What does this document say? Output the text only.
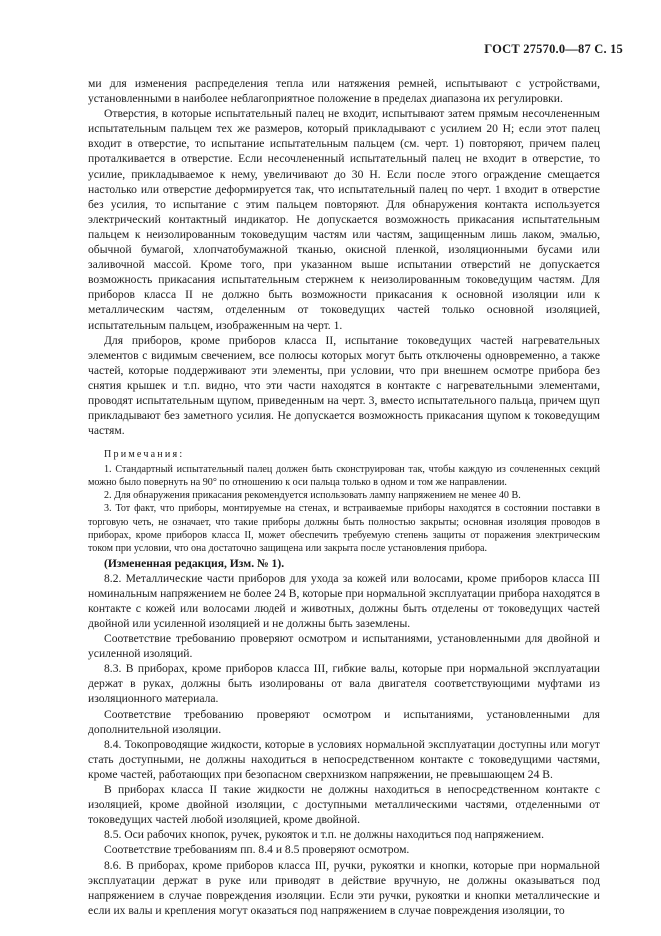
ГОСТ 27570.0—87 С. 15

ми для изменения распределения тепла или натяжения ремней, испытывают с устройствами, установленными в наиболее неблагоприятное положение в пределах диапазона их регулировки.

Отверстия, в которые испытательный палец не входит, испытывают затем прямым несочлененным испытательным пальцем тех же размеров, который прикладывают с усилием 20 Н; если этот палец входит в отверстие, то испытание испытательным пальцем (см. черт. 1) повторяют, причем палец проталкивается в отверстие. Если несочлененный испытательный палец не входит в отверстие, то усилие, прикладываемое к нему, увеличивают до 30 Н. Если после этого ограждение смещается настолько или отверстие деформируется так, что испытательный палец по черт. 1 входит в отверстие без усилия, то испытание с этим пальцем повторяют. Для обнаружения контакта используется электрический контактный индикатор. Не допускается возможность прикасания испытательным пальцем к неизолированным токоведущим частям или частям, защищенным лишь лаком, эмалью, обычной бумагой, хлопчатобумажной тканью, окисной пленкой, изоляционными бусами или заливочной массой. Кроме того, при указанном выше испытании отверстий не допускается возможность прикасания испытательным стержнем к неизолированным токоведущим частям. Для приборов класса II не должно быть возможности прикасания к основной изоляции или к металлическим частям, отделенным от токоведущих частей только основной изоляцией, испытательным пальцем, изображенным на черт. 1.

Для приборов, кроме приборов класса II, испытание токоведущих частей нагревательных элементов с видимым свечением, все полюсы которых могут быть отключены одновременно, а также частей, которые поддерживают эти элементы, при условии, что при внешнем осмотре прибора без снятия крышек и т.п. видно, что эти части находятся в контакте с нагревательными элементами, проводят испытательным щупом, приведенным на черт. 3, вместо испытательного пальца, причем щуп прикладывают без заметного усилия. Не допускается возможность прикасания щупом к токоведущим частям.

Примечания:

1. Стандартный испытательный палец должен быть сконструирован так, чтобы каждую из сочлененных секций можно было повернуть на 90° по отношению к оси пальца только в одном и том же направлении.

2. Для обнаружения прикасания рекомендуется использовать лампу напряжением не менее 40 В.

3. Тот факт, что приборы, монтируемые на стенах, и встраиваемые приборы находятся в состоянии поставки в торговую четь, не означает, что такие приборы должны быть полностью закрыты; основная изоляция проводов в приборах, кроме приборов класса II, может обеспечить требуемую степень защиты от поражения электрическим током при условии, что она достаточно защищена или закрыта после установления прибора.

(Измененная редакция, Изм. № 1).

8.2. Металлические части приборов для ухода за кожей или волосами, кроме приборов класса III номинальным напряжением не более 24 В, которые при нормальной эксплуатации прибора находятся в контакте с кожей или волосами людей и животных, должны быть отделены от токоведущих частей двойной или усиленной изоляцией и не должны быть заземлены.

Соответствие требованию проверяют осмотром и испытаниями, установленными для двойной и усиленной изоляций.

8.3. В приборах, кроме приборов класса III, гибкие валы, которые при нормальной эксплуатации держат в руках, должны быть изолированы от вала двигателя соответствующими муфтами из изоляционного материала.

Соответствие требованию проверяют осмотром и испытаниями, установленными для дополнительной изоляции.

8.4. Токопроводящие жидкости, которые в условиях нормальной эксплуатации доступны или могут стать доступными, не должны находиться в непосредственном контакте с токоведущими частями, кроме частей, работающих при безопасном сверхнизком напряжении, не превышающем 24 В.

В приборах класса II такие жидкости не должны находиться в непосредственном контакте с изоляцией, кроме двойной изоляции, с доступными металлическими частями, отделенными от токоведущих частей любой изоляцией, кроме двойной.

8.5. Оси рабочих кнопок, ручек, рукояток и т.п. не должны находиться под напряжением.

Соответствие требованиям пп. 8.4 и 8.5 проверяют осмотром.

8.6. В приборах, кроме приборов класса III, ручки, рукоятки и кнопки, которые при нормальной эксплуатации держат в руке или приводят в действие вручную, не должны оказываться под напряжением в случае повреждения изоляции. Если эти ручки, рукоятки и кнопки металлические и если их валы и крепления могут оказаться под напряжением в случае повреждения изоляции, то
